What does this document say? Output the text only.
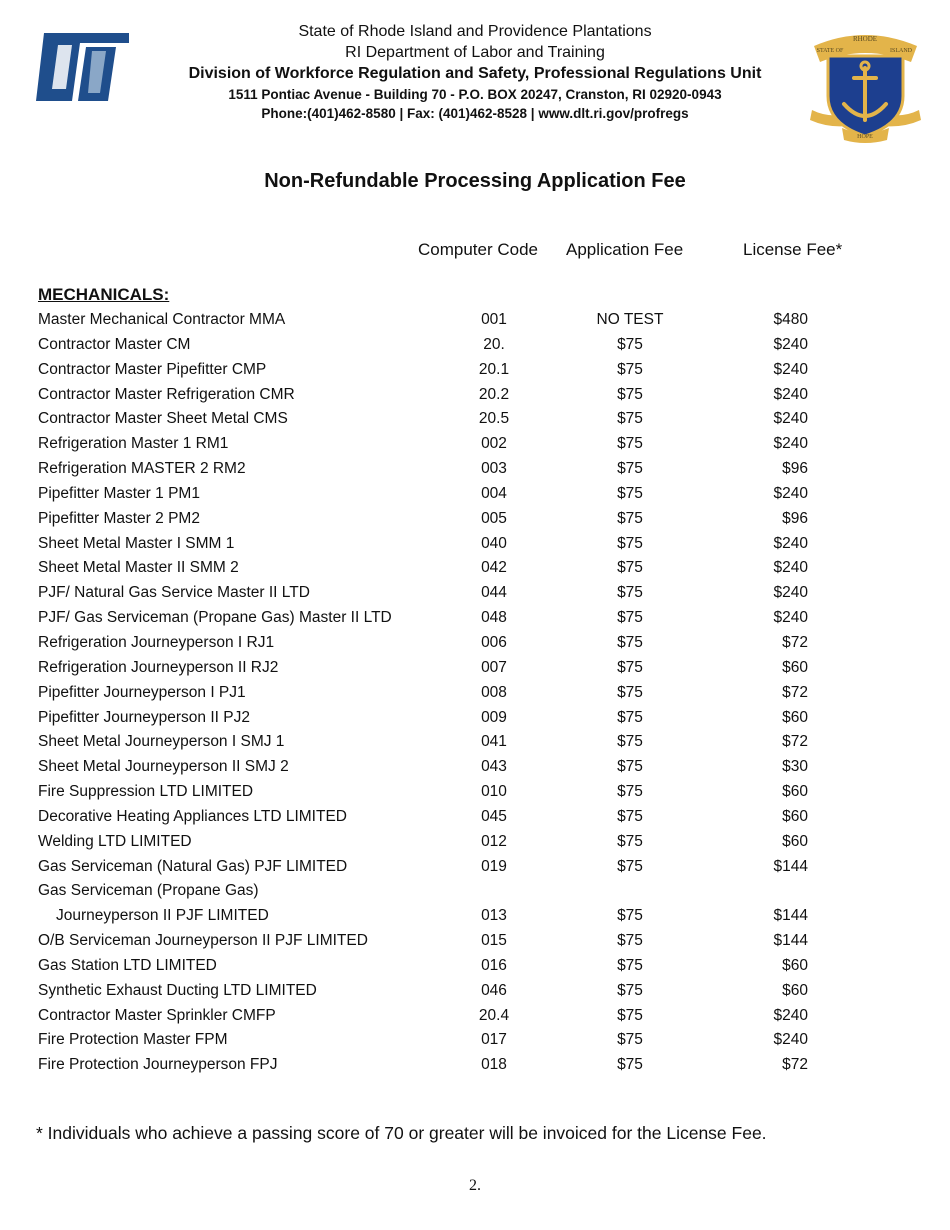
RHODE
STATE OF	ISLAND
HOPE
State of Rhode Island and Providence Plantations
RI Department of Labor and Training
Division of Workforce Regulation and Safety, Professional Regulations Unit
1511 Pontiac Avenue - Building 70 - P.O. BOX 20247, Cranston, RI 02920-0943
Phone:(401)462-8580 | Fax: (401)462-8528 | www.dlt.ri.gov/profregs
Non-Refundable Processing Application Fee
Computer Code Application Fee	License Fee*
MECHANICALS:
Master Mechanical Contractor MMA	001	NO TEST	$480
Contractor Master CM	20.	$75	$240
Contractor Master Pipefitter CMP	20.1	$75	$240
Contractor Master Refrigeration CMR	20.2	$75	$240
Contractor Master Sheet Metal CMS	20.5	$75	$240
Refrigeration Master 1 RM1	002	$75	$240
Refrigeration MASTER 2 RM2	003	$75	$96
Pipefitter Master 1 PM1	004	$75	$240
Pipefitter Master 2 PM2	005	$75	$96
Sheet Metal Master I SMM 1	040	$75	$240
Sheet Metal Master II SMM 2	042	$75	$240
PJF/ Natural Gas Service Master II LTD	044	$75	$240
PJF/ Gas Serviceman (Propane Gas) Master II LTD	048	$75	$240
Refrigeration Journeyperson I RJ1	006	$75	$72
Refrigeration Journeyperson II RJ2	007	$75	$60
Pipefitter Journeyperson I PJ1	008	$75	$72
Pipefitter Journeyperson II PJ2	009	$75	$60
Sheet Metal Journeyperson I SMJ 1	041	$75	$72
Sheet Metal Journeyperson II SMJ 2	043	$75	$30
Fire Suppression LTD LIMITED	010	$75	$60
Decorative Heating Appliances LTD LIMITED	045	$75	$60
Welding LTD LIMITED	012	$75	$60
Gas Serviceman (Natural Gas) PJF LIMITED	019	$75	$144
Gas Serviceman (Propane Gas)
Journeyperson II PJF LIMITED	013	$75	$144
O/B Serviceman Journeyperson II PJF LIMITED	015	$75	$144
Gas Station LTD LIMITED	016	$75	$60
Synthetic Exhaust Ducting LTD LIMITED	046	$75	$60
Contractor Master Sprinkler CMFP	20.4	$75	$240
Fire Protection Master FPM	017	$75	$240
Fire Protection Journeyperson FPJ	018	$75	$72
* Individuals who achieve a passing score of 70 or greater will be invoiced for the License Fee.
2.
